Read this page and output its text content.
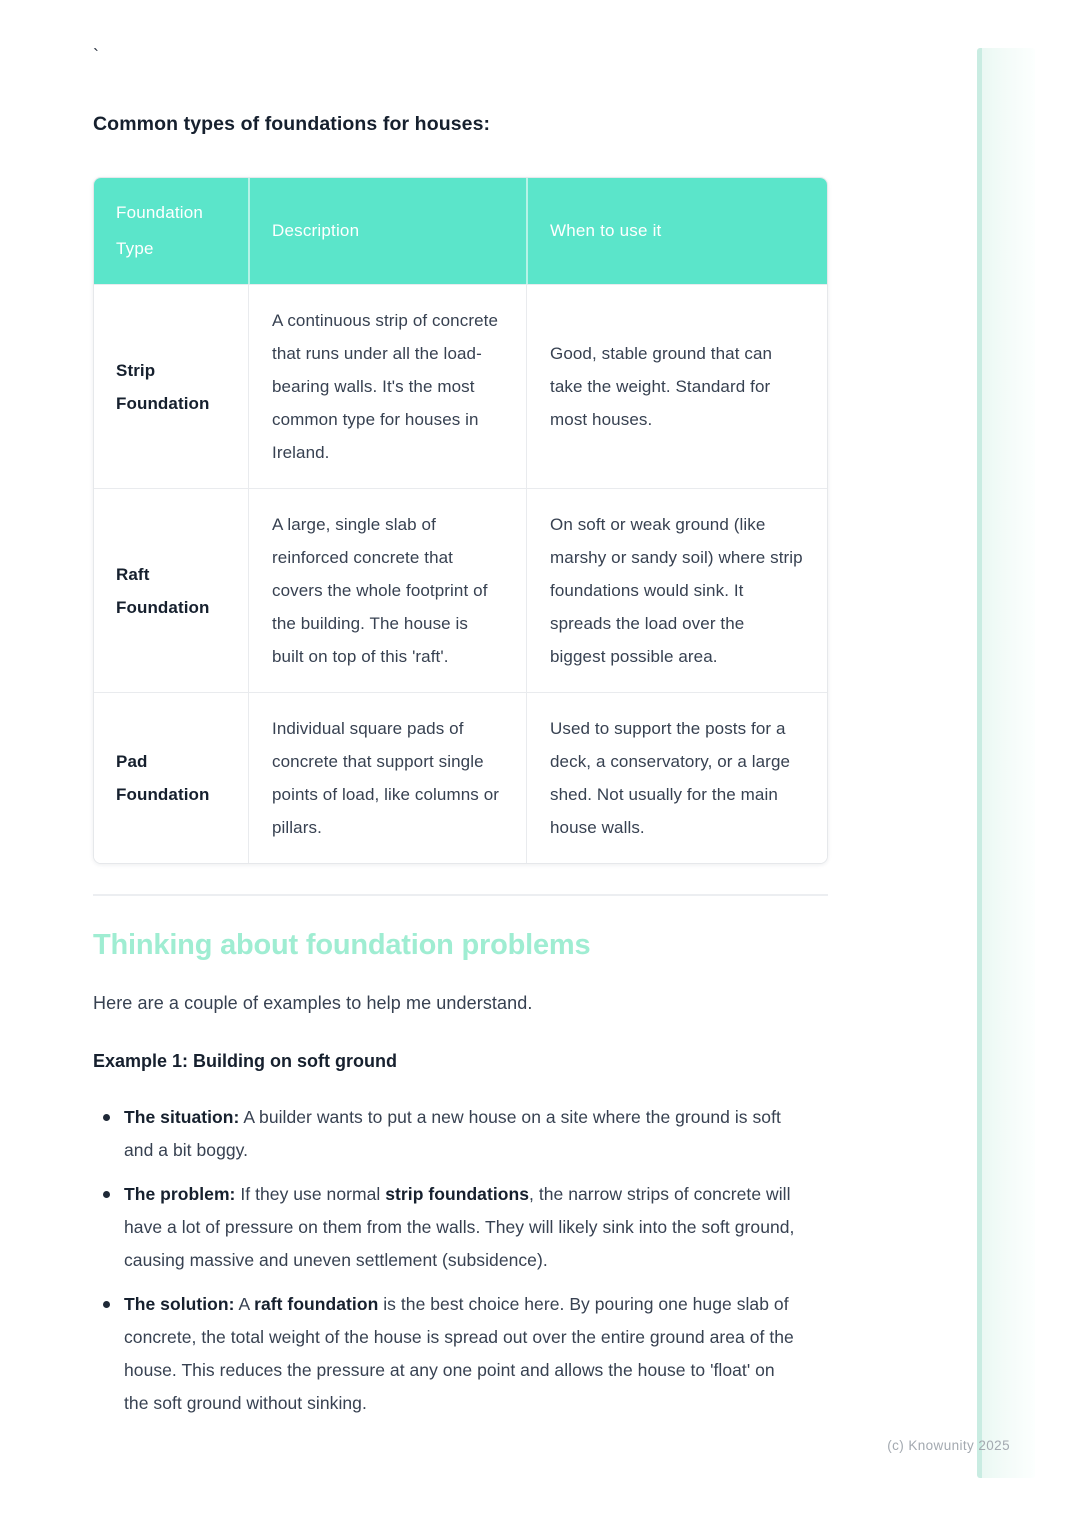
`
Common types of foundations for houses:
Foundation Type
Description	When to use it
Strip Foundation
A continuous strip of concrete that runs under all the load-bearing walls. It's the most common type for houses in Ireland.
Good, stable ground that can take the weight. Standard for most houses.
Raft Foundation
A large, single slab of reinforced concrete that covers the whole footprint of the building. The house is built on top of this 'raft'.
On soft or weak ground (like marshy or sandy soil) where strip foundations would sink. It spreads the load over the biggest possible area.
Pad Foundation
Individual square pads of concrete that support single points of load, like columns or pillars.
Used to support the posts for a deck, a conservatory, or a large shed. Not usually for the main house walls.
Thinking about foundation problems

Here are a couple of examples to help me understand.

Example 1: Building on soft ground

The situation: A builder wants to put a new house on a site where the ground is soft and a bit boggy.
The problem: If they use normal strip foundations, the narrow strips of concrete will have a lot of pressure on them from the walls. They will likely sink into the soft ground, causing massive and uneven settlement (subsidence).
The solution: A raft foundation is the best choice here. By pouring one huge slab of concrete, the total weight of the house is spread out over the entire ground area of the house. This reduces the pressure at any one point and allows the house to 'float' on the soft ground without sinking.
(c) Knowunity 2025
